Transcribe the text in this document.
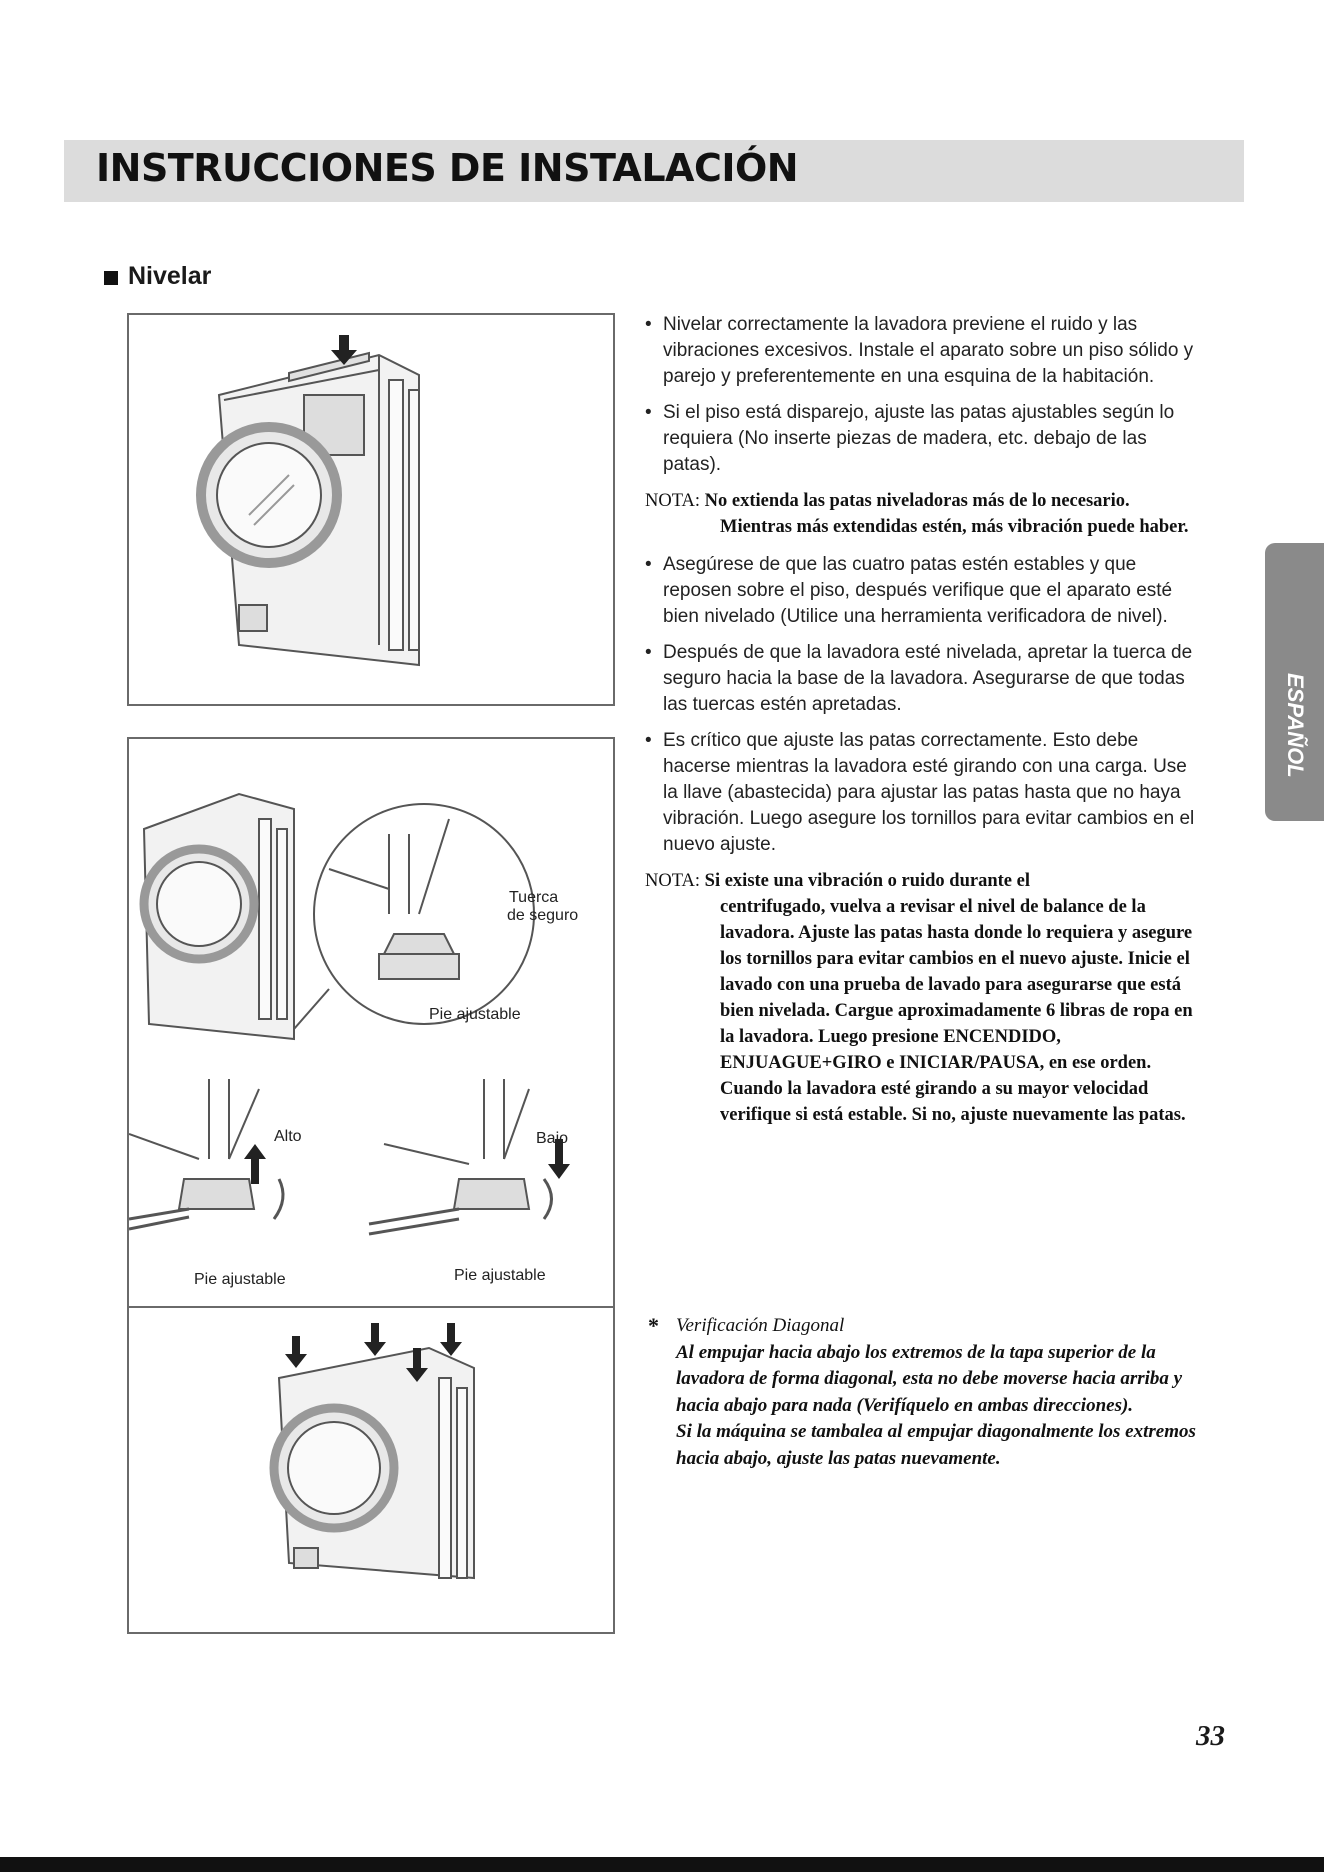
INSTRUCCIONES DE INSTALACIÓN
Nivelar
ESPAÑOL
Tuerca
de seguro
Pie ajustable
Alto	Bajo
Pie ajustable	Pie ajustable

• Nivelar correctamente la lavadora previene el ruido y las vibraciones excesivos. Instale el aparato sobre un piso sólido y parejo y preferentemente en una esquina de la habitación.

• Si el piso está disparejo, ajuste las patas ajustables según lo requiera (No inserte piezas de madera, etc. debajo de las patas).

NOTA: No extienda las patas niveladoras más de lo necesario.
Mientras más extendidas estén, más vibración puede haber.

• Asegúrese de que las cuatro patas estén estables y que reposen sobre el piso, después verifique que el aparato esté bien nivelado (Utilice una herramienta verificadora de nivel).

• Después de que la lavadora esté nivelada, apretar la tuerca de seguro hacia la base de la lavadora. Asegurarse de que todas las tuercas estén apretadas.

• Es crítico que ajuste las patas correctamente. Esto debe hacerse mientras la lavadora esté girando con una carga. Use la llave (abastecida) para ajustar las patas hasta que no haya vibración. Luego asegure los tornillos para evitar cambios en el nuevo ajuste.

NOTA: Si existe una vibración o ruido durante el
centrifugado, vuelva a revisar el nivel de balance de la lavadora. Ajuste las patas hasta donde lo requiera y asegure los tornillos para evitar cambios en el nuevo ajuste. Inicie el lavado con una prueba de lavado para asegurarse que está bien nivelada. Cargue aproximadamente 6 libras de ropa en la lavadora. Luego presione ENCENDIDO, ENJUAGUE+GIRO e INICIAR/PAUSA, en ese orden. Cuando la lavadora esté girando a su mayor velocidad verifique si está estable. Si no, ajuste nuevamente las patas.
* Verificación Diagonal
Al empujar hacia abajo los extremos de la tapa superior de la lavadora de forma diagonal, esta no debe moverse hacia arriba y hacia abajo para nada (Verifíquelo en ambas direcciones).
Si la máquina se tambalea al empujar diagonalmente los extremos hacia abajo, ajuste las patas nuevamente.
33
